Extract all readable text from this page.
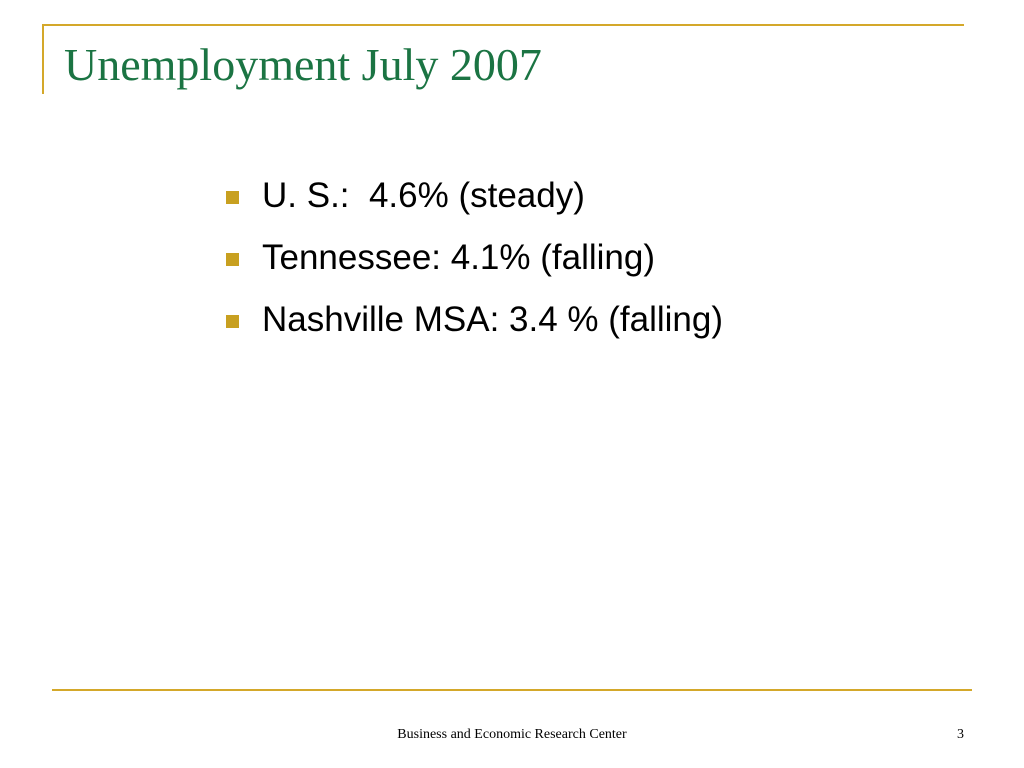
Unemployment July 2007

U. S.:  4.6% (steady)

Tennessee: 4.1% (falling)

Nashville MSA: 3.4 % (falling)

Business and Economic Research Center	3
